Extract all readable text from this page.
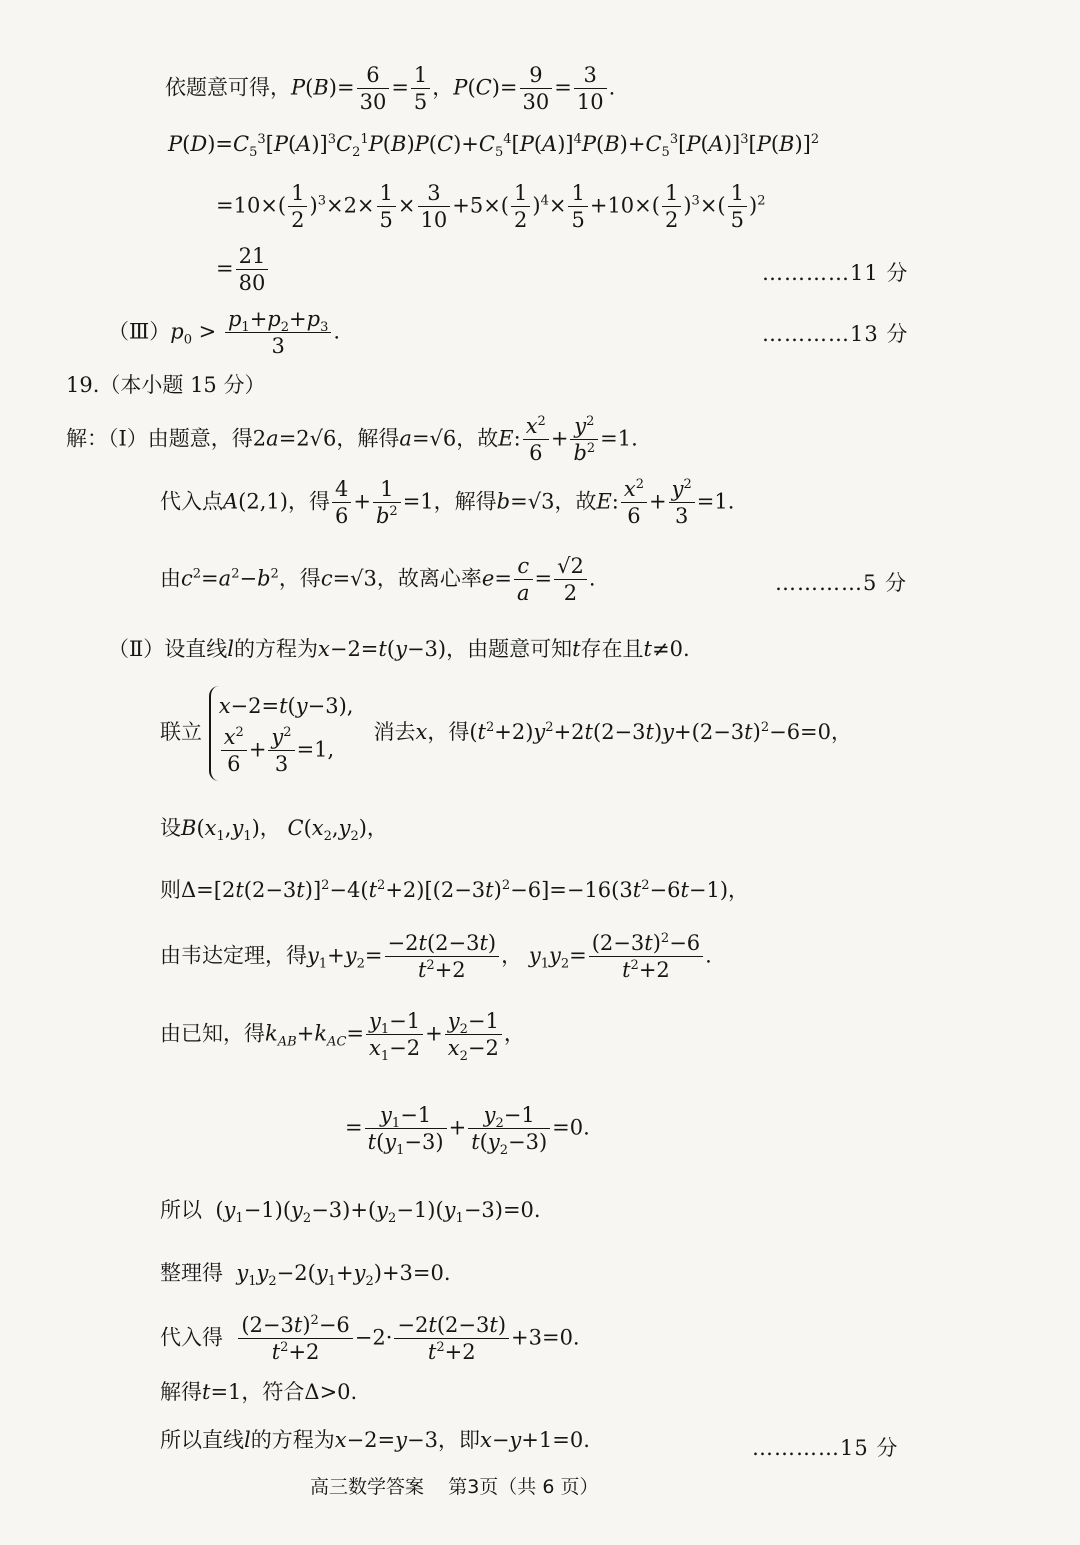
依题意可得，$P(B)= \frac{6}{30} = \frac{1}{5}$ ，$P(C)= \frac{9}{30} = \frac{3}{10}$ .
$P(D)=C_5^3[P(A)]^3C_2^1P(B)P(C)+C_5^4[P(A)]^4P(B)+C_5^3[P(A)]^3[P(B)]^2$
$=10\times( \frac{1}{2} )^3\times 2\times \frac{1}{5} \times \frac{3}{10} +5\times( \frac{1}{2} )^4\times \frac{1}{5} +10\times( \frac{1}{2} )^3\times( \frac{1}{5} )^2$
= $\frac{21}{80}$	…………11 分
$(Ⅲ)p_0 > \frac{p_1+p_2+p_3}{3}$ .	…………13 分
19.（本小题 15 分）
解：（Ⅰ）由题意，得2a=2√6，解得a=√6，故E: $\frac{x^2}{6} + \frac{y^2}{b^2} =1$.
代入点A(2,1)，得 $\frac{4}{6} + \frac{1}{b^2} =1$，解得b=√3，故E: $\frac{x^2}{6} + \frac{y^2}{3} =1$.
由$c^2=a^2-b^2$，得c=√3，故离心率$e= \frac{c}{a} = \frac{√2}{2}$ .	…………5 分
（Ⅱ）设直线l的方程为x−2=t(y−3)，由题意可知t存在且t≠0.
联立
x−2=t(y−3),
$\frac{x^2}{6} + \frac{y^2}{3} =1$,
消去x，得$(t^2+2)y^2+2t(2-3t)y+(2-3t)^2-6=0$，
设$B(x_1,y_1)$， $C(x_2,y_2)$，
则$\Delta=[2t(2-3t)]^2-4(t^2+2)[(2-3t)^2-6]=-16(3t^2-6t-1)$，
由韦达定理，得$y_1+y_2= \frac{-2t(2-3t)}{t^2+2}$ ， $y_1y_2= \frac{(2-3t)^2-6}{t^2+2}$ .
由已知，得$k_{AB}+k_{AC}= \frac{y_1-1}{x_1-2} + \frac{y_2-1}{x_2-2}$ ，
= $\frac{y_1-1}{t(y_1-3)} + \frac{y_2-1}{t(y_2-3)} =0$.
所以  $(y_1-1)(y_2-3)+(y_2-1)(y_1-3)=0$.
整理得 $y_1y_2-2(y_1+y_2)+3=0$.
代入得 $\frac{(2-3t)^2-6}{t^2+2} -2\cdot \frac{-2t(2-3t)}{t^2+2} +3=0$.
解得t=1，符合Δ>0.
所以直线l的方程为x−2=y−3，即x−y+1=0.	…………15 分
高三数学答案 第3页（共 6 页）
